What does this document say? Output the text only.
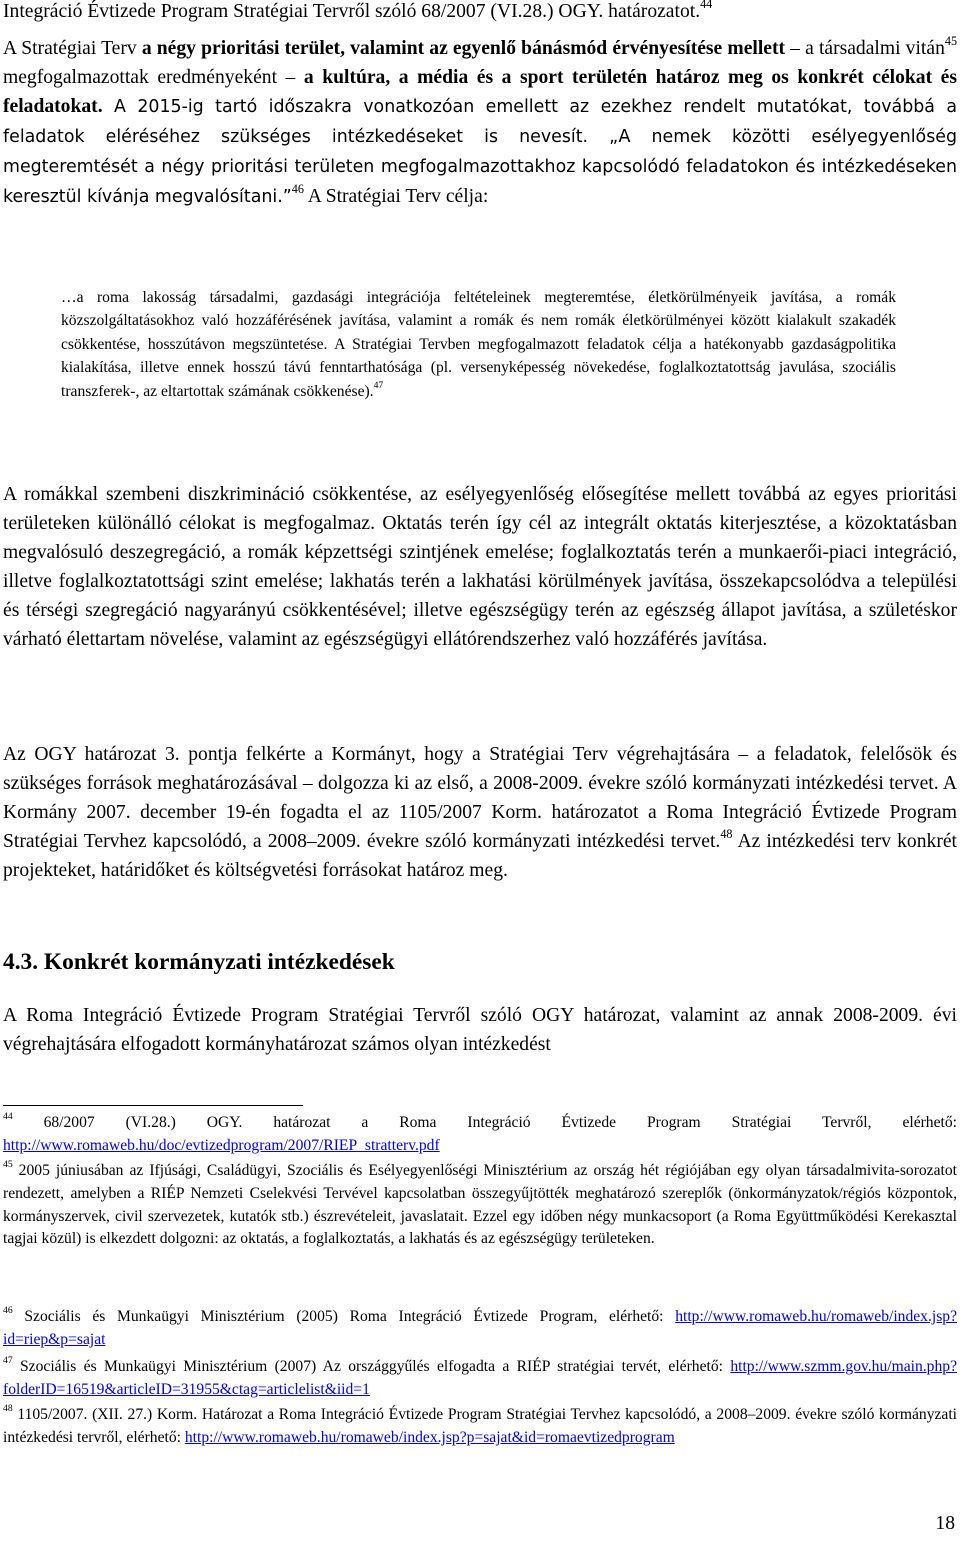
Integráció Évtizede Program Stratégiai Tervről szóló 68/2007 (VI.28.) OGY. határozatot.$^{44}$

A Stratégiai Terv a négy prioritási terület, valamint az egyenlő bánásmód érvényesítése mellett – a társadalmi vitán$^{45}$ megfogalmazottak eredményeként – a kultúra, a média és a sport területén határoz meg os konkrét célokat és feladatokat. A 2015-ig tartó időszakra vonatkozóan emellett az ezekhez rendelt mutatókat, továbbá a feladatok eléréséhez szükséges intézkedéseket is nevesít. „A nemek közötti esélyegyenlőség megteremtését a négy prioritási területen megfogalmazottakhoz kapcsolódó feladatokon és intézkedéseken keresztül kívánja megvalósítani.”$^{46}$ A Stratégiai Terv célja:

…a roma lakosság társadalmi, gazdasági integrációja feltételeinek megteremtése, életkörülményeik javítása, a romák közszolgáltatásokhoz való hozzáférésének javítása, valamint a romák és nem romák életkörülményei között kialakult szakadék csökkentése, hosszútávon megszüntetése. A Stratégiai Tervben megfogalmazott feladatok célja a hatékonyabb gazdaságpolitika kialakítása, illetve ennek hosszú távú fenntarthatósága (pl. versenyképesség növekedése, foglalkoztatottság javulása, szociális transzferek-, az eltartottak számának csökkenése).$^{47}$

A romákkal szembeni diszkrimináció csökkentése, az esélyegyenlőség elősegítése mellett továbbá az egyes prioritási területeken különálló célokat is megfogalmaz. Oktatás terén így cél az integrált oktatás kiterjesztése, a közoktatásban megvalósuló deszegregáció, a romák képzettségi szintjének emelése; foglalkoztatás terén a munkaerői-piaci integráció, illetve foglalkoztatottsági szint emelése; lakhatás terén a lakhatási körülmények javítása, összekapcsolódva a települési és térségi szegregáció nagyarányú csökkentésével; illetve egészségügy terén az egészség állapot javítása, a születéskor várható élettartam növelése, valamint az egészségügyi ellátórendszerhez való hozzáférés javítása.

Az OGY határozat 3. pontja felkérte a Kormányt, hogy a Stratégiai Terv végrehajtására – a feladatok, felelősök és szükséges források meghatározásával – dolgozza ki az első, a 2008-2009. évekre szóló kormányzati intézkedési tervet. A Kormány 2007. december 19-én fogadta el az 1105/2007 Korm. határozatot a Roma Integráció Évtizede Program Stratégiai Tervhez kapcsolódó, a 2008–2009. évekre szóló kormányzati intézkedési tervet.$^{48}$ Az intézkedési terv konkrét projekteket, határidőket és költségvetési forrásokat határoz meg.

4.3. Konkrét kormányzati intézkedések

A Roma Integráció Évtizede Program Stratégiai Tervről szóló OGY határozat, valamint az annak 2008-2009. évi végrehajtására elfogadott kormányhatározat számos olyan intézkedést

$^{44}$ 68/2007 (VI.28.) OGY. határozat a Roma Integráció Évtizede Program Stratégiai Tervről, elérhető: http://www.romaweb.hu/doc/evtizedprogram/2007/RIEP_stratterv.pdf

$^{45}$ 2005 júniusában az Ifjúsági, Családügyi, Szociális és Esélyegyenlőségi Minisztérium az ország hét régiójában egy olyan társadalmivita-sorozatot rendezett, amelyben a RIÉP Nemzeti Cselekvési Tervével kapcsolatban összegyűjtötték meghatározó szereplők (önkormányzatok/régiós központok, kormányszervek, civil szervezetek, kutatók stb.) észrevételeit, javaslatait. Ezzel egy időben négy munkacsoport (a Roma Együttműködési Kerekasztal tagjai közül) is elkezdett dolgozni: az oktatás, a foglalkoztatás, a lakhatás és az egészségügy területeken.

$^{46}$ Szociális és Munkaügyi Minisztérium (2005) Roma Integráció Évtizede Program, elérhető: http://www.romaweb.hu/romaweb/index.jsp?id=riep&p=sajat

$^{47}$ Szociális és Munkaügyi Minisztérium (2007) Az országgyűlés elfogadta a RIÉP stratégiai tervét, elérhető: http://www.szmm.gov.hu/main.php?folderID=16519&articleID=31955&ctag=articlelist&iid=1

$^{48}$ 1105/2007. (XII. 27.) Korm. Határozat a Roma Integráció Évtizede Program Stratégiai Tervhez kapcsolódó, a 2008–2009. évekre szóló kormányzati intézkedési tervről, elérhető: http://www.romaweb.hu/romaweb/index.jsp?p=sajat&id=romaevtizedprogram

18
